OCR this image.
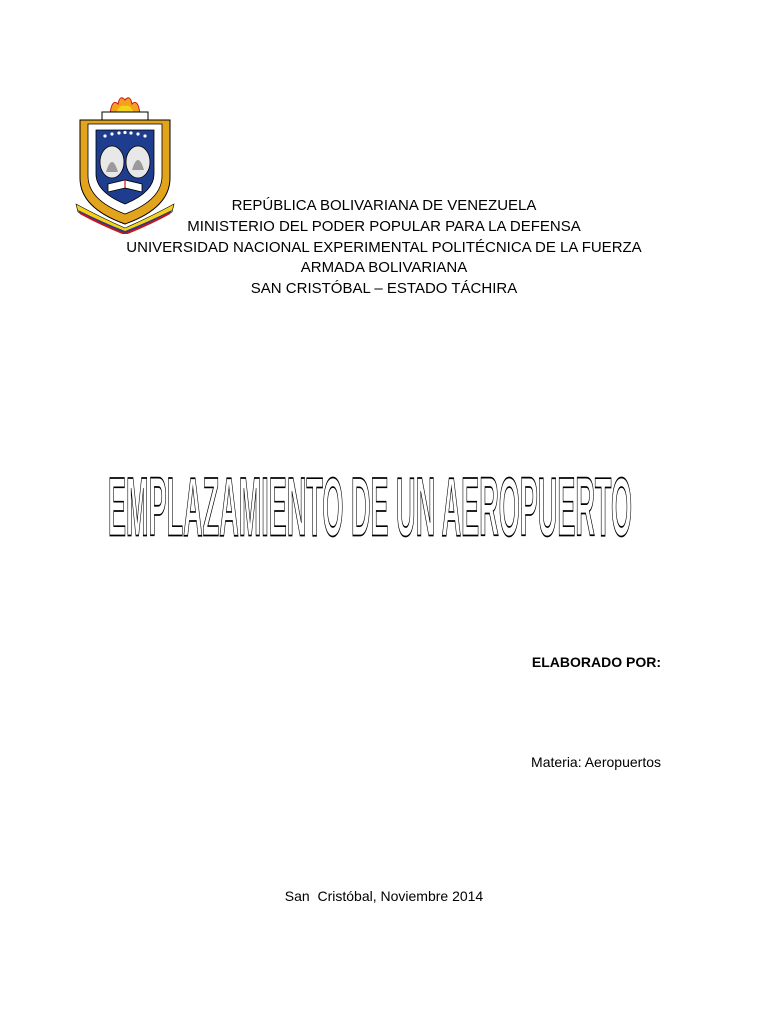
REPÚBLICA BOLIVARIANA DE VENEZUELA
MINISTERIO DEL PODER POPULAR PARA LA DEFENSA
UNIVERSIDAD NACIONAL EXPERIMENTAL POLITÉCNICA DE LA FUERZA
ARMADA BOLIVARIANA
SAN CRISTÓBAL – ESTADO TÁCHIRA
EMPLAZAMIENTO DE UN AEROPUERTO
ELABORADO POR:
Materia: Aeropuertos
San  Cristóbal, Noviembre 2014
